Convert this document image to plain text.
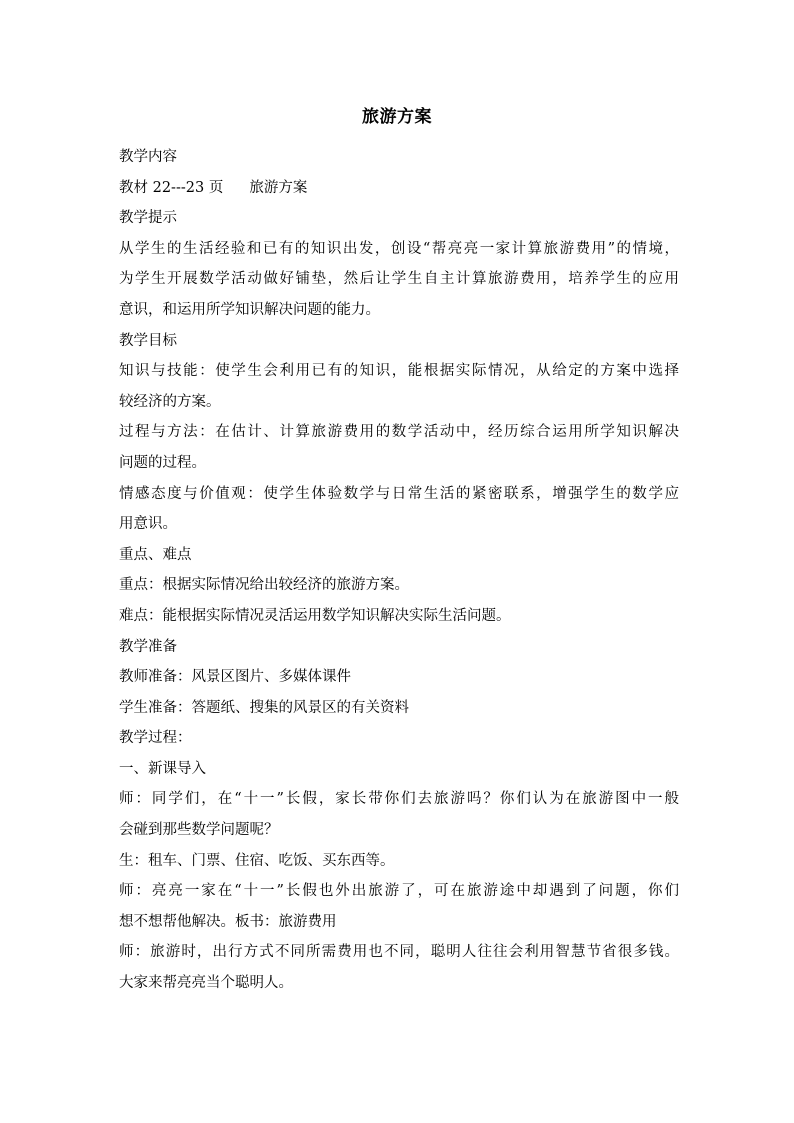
旅游方案
教学内容
教材 22---23 页 旅游方案
教学提示
从学生的生活经验和已有的知识出发，创设“帮亮亮一家计算旅游费用”的情境，
为学生开展数学活动做好铺垫，然后让学生自主计算旅游费用，培养学生的应用
意识，和运用所学知识解决问题的能力。
教学目标
知识与技能：使学生会利用已有的知识，能根据实际情况，从给定的方案中选择
较经济的方案。
过程与方法：在估计、计算旅游费用的数学活动中，经历综合运用所学知识解决
问题的过程。
情感态度与价值观：使学生体验数学与日常生活的紧密联系，增强学生的数学应
用意识。
重点、难点
重点：根据实际情况给出较经济的旅游方案。
难点：能根据实际情况灵活运用数学知识解决实际生活问题。
教学准备
教师准备：风景区图片、多媒体课件
学生准备：答题纸、搜集的风景区的有关资料
教学过程：
一、新课导入
师：同学们，在“十一”长假，家长带你们去旅游吗？你们认为在旅游图中一般
会碰到那些数学问题呢？
生：租车、门票、住宿、吃饭、买东西等。
师：亮亮一家在“十一”长假也外出旅游了，可在旅游途中却遇到了问题，你们
想不想帮他解决。板书：旅游费用
师：旅游时，出行方式不同所需费用也不同，聪明人往往会利用智慧节省很多钱。
大家来帮亮亮当个聪明人。
